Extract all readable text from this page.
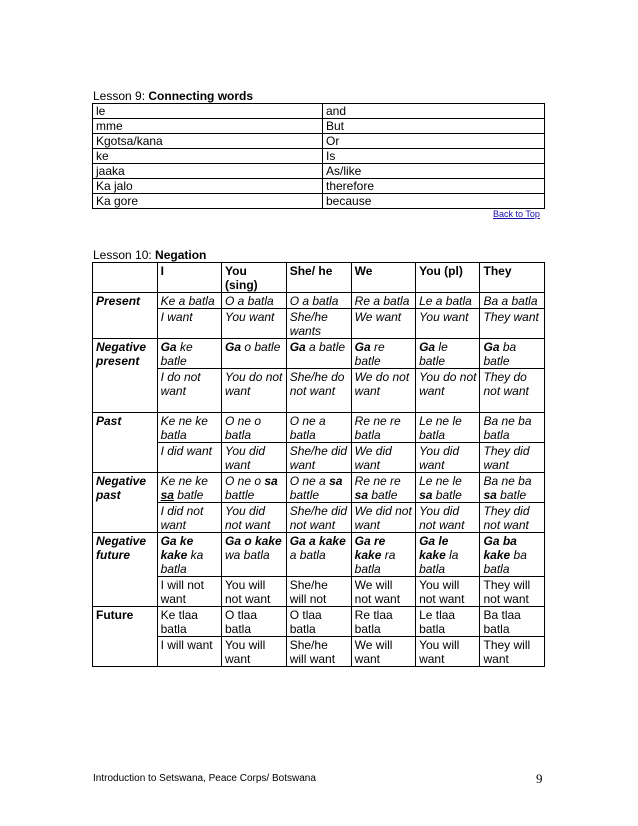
Lesson 9: Connecting words
le	and
mme	But
Kgotsa/kana	Or
ke	Is
jaaka	As/like
Ka jalo	therefore
Ka gore	because
Back to Top
Lesson 10: Negation
	I	You (sing)	She/ he	We	You (pl)	They
Present	Ke a batla	O a batla	O a batla	Re a batla	Le a batla	Ba a batla
	I want	You want	She/he wants	We want	You want	They want
Negative present	Ga ke batle	Ga o batle	Ga a batle	Ga re batle	Ga le batle	Ga ba batle
	I do not want	You do not want	She/he do not want	We do not want	You do not want	They do not want
Past	Ke ne ke batla	O ne o batla	O ne a batla	Re ne re batla	Le ne le batla	Ba ne ba batla
	I did want	You did want	She/he did want	We did want	You did want	They did want
Negative past	Ke ne ke sa batle	O ne o sa battle	O ne a sa battle	Re ne re sa batle	Le ne le sa batle	Ba ne ba sa batle
	I did not want	You did not want	She/he did not want	We did not want	You did not want	They did not want
Negative future	Ga ke kake ka batla	Ga o kake wa batla	Ga a kake a batla	Ga re kake ra batla	Ga le kake la batla	Ga ba kake ba batla
	I will not want	You will not want	She/he will not	We will not want	You will not want	They will not want
Future	Ke tlaa batla	O tlaa batla	O tlaa batla	Re tlaa batla	Le tlaa batla	Ba tlaa batla
	I will want	You will want	She/he will want	We will want	You will want	They will want
Introduction to Setswana, Peace Corps/ Botswana	9
